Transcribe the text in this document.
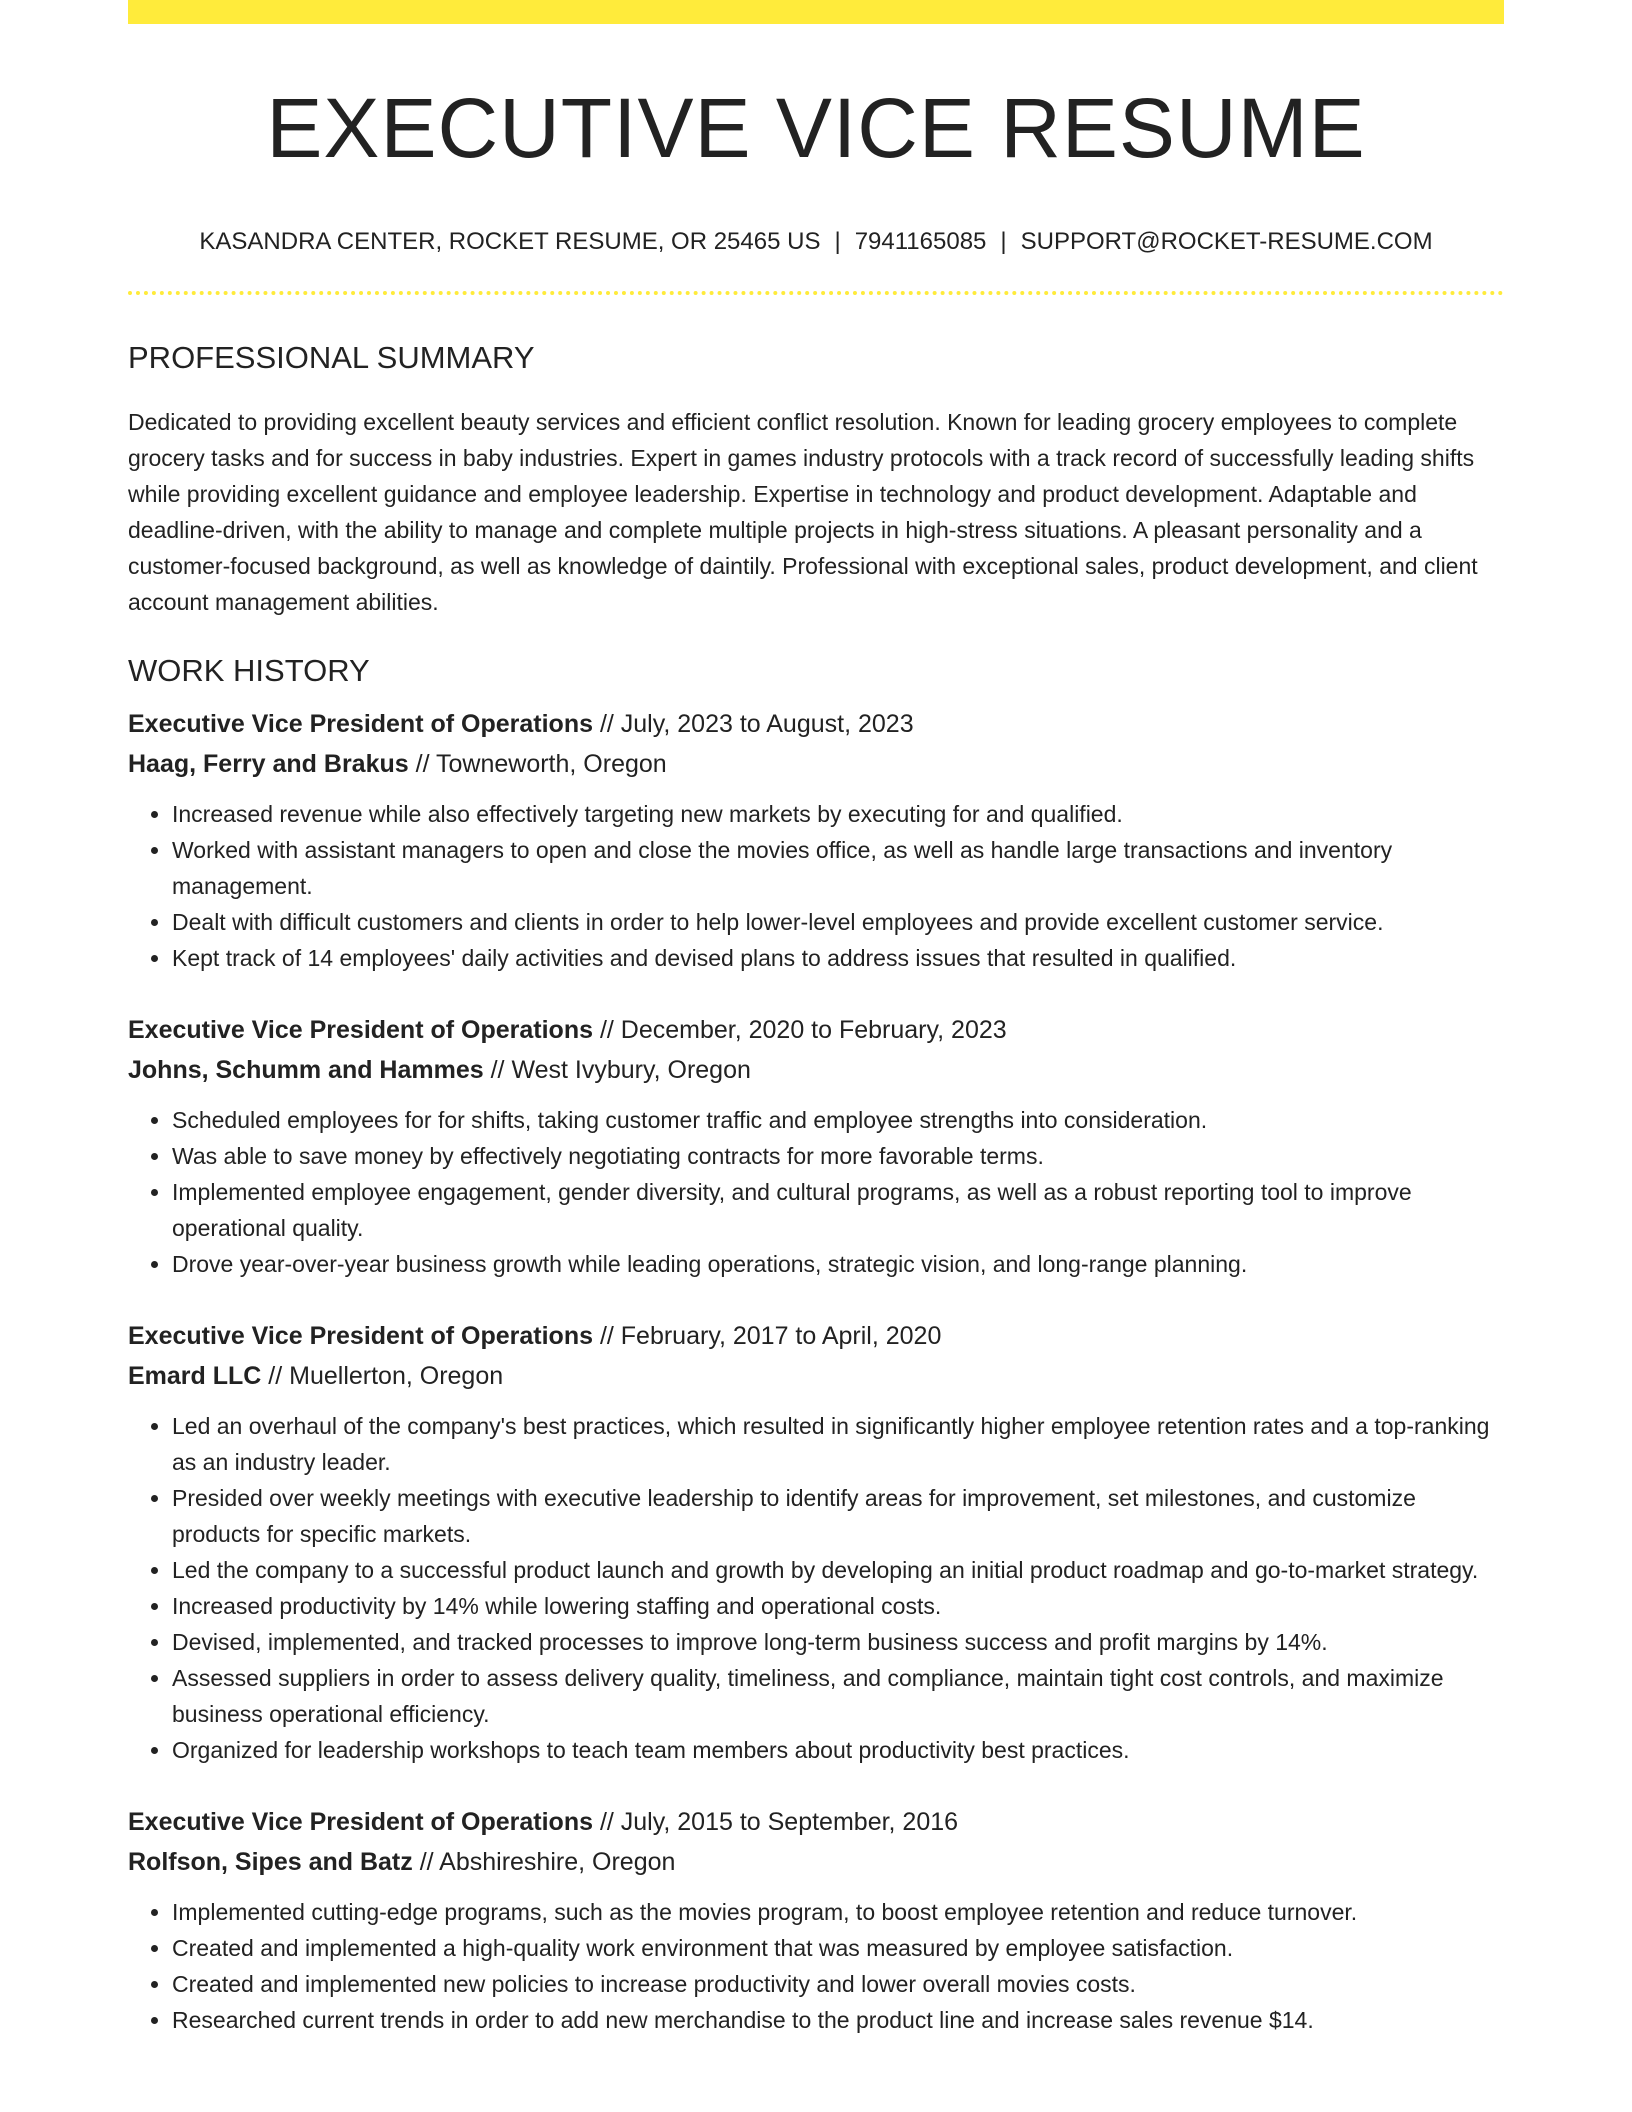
EXECUTIVE VICE RESUME
KASANDRA CENTER, ROCKET RESUME, OR 25465 US | 7941165085 | SUPPORT@ROCKET-RESUME.COM
PROFESSIONAL SUMMARY

Dedicated to providing excellent beauty services and efficient conflict resolution. Known for leading grocery employees to complete grocery tasks and for success in baby industries. Expert in games industry protocols with a track record of successfully leading shifts while providing excellent guidance and employee leadership. Expertise in technology and product development. Adaptable and deadline-driven, with the ability to manage and complete multiple projects in high-stress situations. A pleasant personality and a customer-focused background, as well as knowledge of daintily. Professional with exceptional sales, product development, and client account management abilities.

WORK HISTORY
Executive Vice President of Operations // July, 2023 to August, 2023
Haag, Ferry and Brakus // Towneworth, Oregon
• Increased revenue while also effectively targeting new markets by executing for and qualified.
• Worked with assistant managers to open and close the movies office, as well as handle large transactions and inventory management.
• Dealt with difficult customers and clients in order to help lower-level employees and provide excellent customer service.
• Kept track of 14 employees' daily activities and devised plans to address issues that resulted in qualified.
Executive Vice President of Operations // December, 2020 to February, 2023
Johns, Schumm and Hammes // West Ivybury, Oregon
• Scheduled employees for for shifts, taking customer traffic and employee strengths into consideration.
• Was able to save money by effectively negotiating contracts for more favorable terms.
• Implemented employee engagement, gender diversity, and cultural programs, as well as a robust reporting tool to improve operational quality.
• Drove year-over-year business growth while leading operations, strategic vision, and long-range planning.
Executive Vice President of Operations // February, 2017 to April, 2020
Emard LLC // Muellerton, Oregon
• Led an overhaul of the company's best practices, which resulted in significantly higher employee retention rates and a top-ranking as an industry leader.
• Presided over weekly meetings with executive leadership to identify areas for improvement, set milestones, and customize products for specific markets.
• Led the company to a successful product launch and growth by developing an initial product roadmap and go-to-market strategy.
• Increased productivity by 14% while lowering staffing and operational costs.
• Devised, implemented, and tracked processes to improve long-term business success and profit margins by 14%.
• Assessed suppliers in order to assess delivery quality, timeliness, and compliance, maintain tight cost controls, and maximize business operational efficiency.
• Organized for leadership workshops to teach team members about productivity best practices.
Executive Vice President of Operations // July, 2015 to September, 2016
Rolfson, Sipes and Batz // Abshireshire, Oregon
• Implemented cutting-edge programs, such as the movies program, to boost employee retention and reduce turnover.
• Created and implemented a high-quality work environment that was measured by employee satisfaction.
• Created and implemented new policies to increase productivity and lower overall movies costs.
• Researched current trends in order to add new merchandise to the product line and increase sales revenue $14.
